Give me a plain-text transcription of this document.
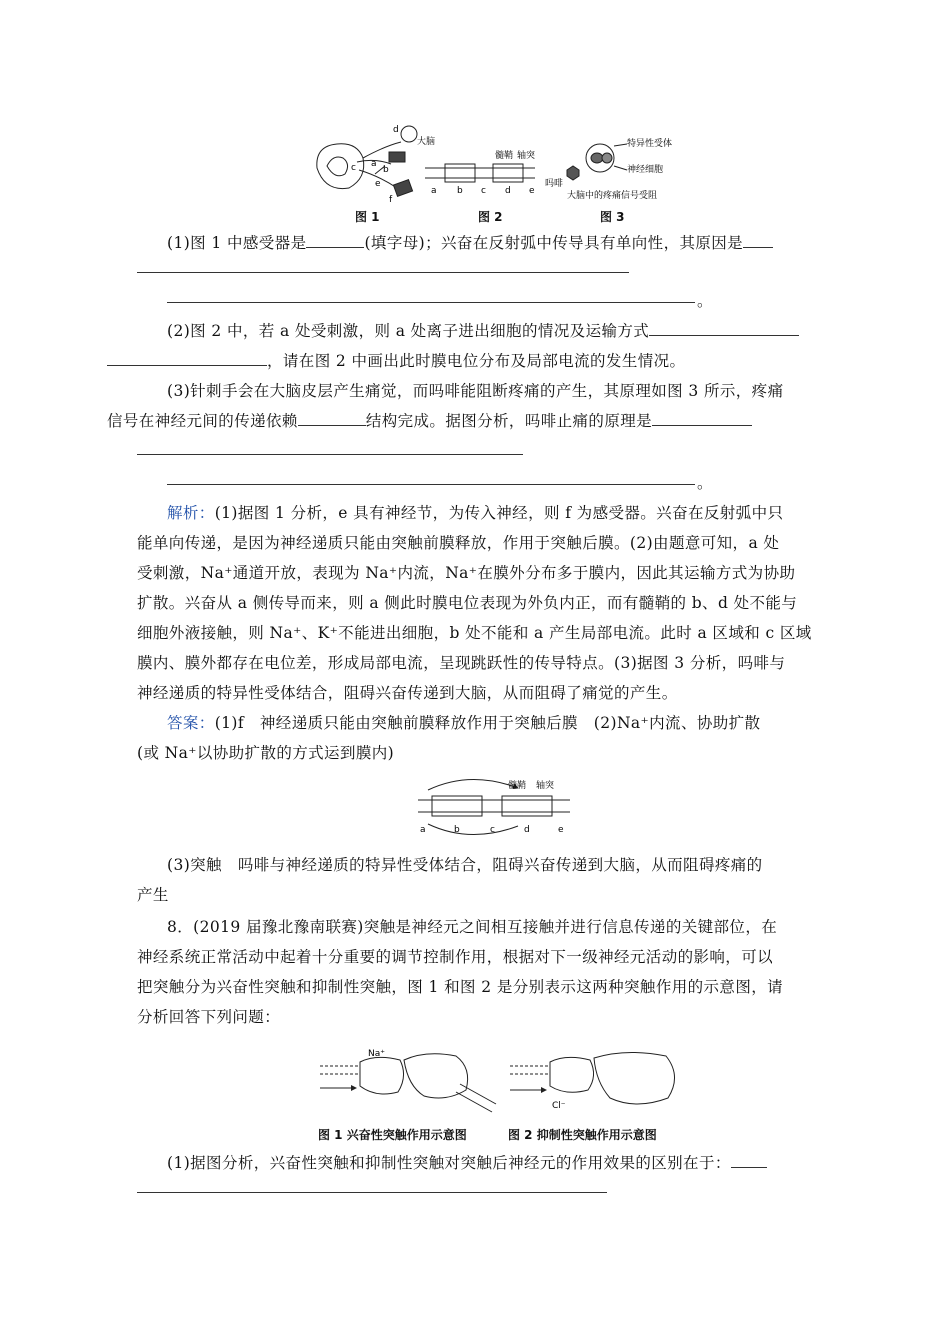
d
大脑
a
b
c
e
f
髓鞘 轴突
a b c d e
特异性受体
神经细胞
吗啡
大脑中的疼痛信号受阻
图 1	图 2	图 3
(1)图 1 中感受器是	(填字母)；兴奋在反射弧中传导具有单向性，其原因是
。
(2)图 2 中，若 a 处受刺激，则 a 处离子进出细胞的情况及运输方式
，请在图 2 中画出此时膜电位分布及局部电流的发生情况。
(3)针刺手会在大脑皮层产生痛觉，而吗啡能阻断疼痛的产生，其原理如图 3 所示，疼痛
信号在神经元间的传递依赖	结构完成。据图分析，吗啡止痛的原理是
。
解析：(1)据图 1 分析，e 具有神经节，为传入神经，则 f 为感受器。兴奋在反射弧中只
能单向传递，是因为神经递质只能由突触前膜释放，作用于突触后膜。(2)由题意可知，a 处
受刺激，Na⁺通道开放，表现为 Na⁺内流，Na⁺在膜外分布多于膜内，因此其运输方式为协助
扩散。兴奋从 a 侧传导而来，则 a 侧此时膜电位表现为外负内正，而有髓鞘的 b、d 处不能与
细胞外液接触，则 Na⁺、K⁺不能进出细胞，b 处不能和 a 产生局部电流。此时 a 区域和 c 区域
膜内、膜外都存在电位差，形成局部电流，呈现跳跃性的传导特点。(3)据图 3 分析，吗啡与
神经递质的特异性受体结合，阻碍兴奋传递到大脑，从而阻碍了痛觉的产生。
答案：(1)f　神经递质只能由突触前膜释放作用于突触后膜　(2)Na⁺内流、协助扩散
(或 Na⁺以协助扩散的方式运到膜内)
髓鞘 轴突
a	b	c	d	e
(3)突触　吗啡与神经递质的特异性受体结合，阻碍兴奋传递到大脑，从而阻碍疼痛的
产生
8．(2019 届豫北豫南联赛)突触是神经元之间相互接触并进行信息传递的关键部位，在
神经系统正常活动中起着十分重要的调节控制作用，根据对下一级神经元活动的影响，可以
把突触分为兴奋性突触和抑制性突触，图 1 和图 2 是分别表示这两种突触作用的示意图，请
分析回答下列问题：
Na⁺
Cl⁻
图 1 兴奋性突触作用示意图	图 2 抑制性突触作用示意图
(1)据图分析，兴奋性突触和抑制性突触对突触后神经元的作用效果的区别在于：
